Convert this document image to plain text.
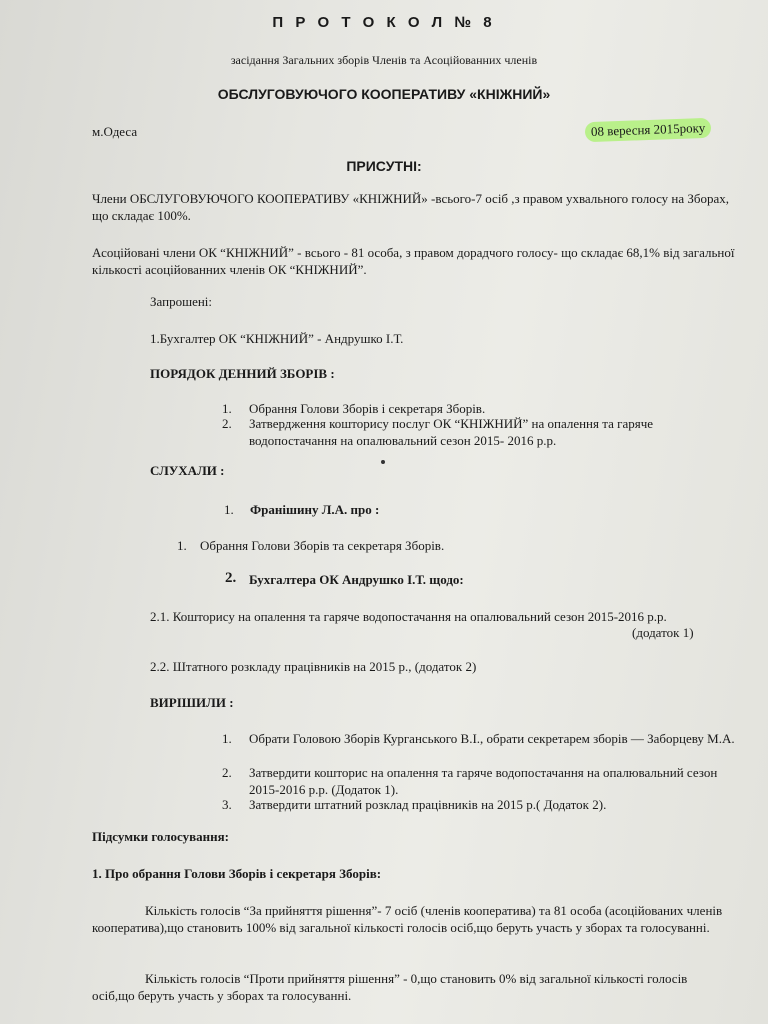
П Р О Т О К О Л № 8
засідання Загальних зборів Членів та Асоційованних членів
ОБСЛУГОВУЮЧОГО КООПЕРАТИВУ «КНІЖНИЙ»
м.Одеса	08 вересня 2015року
ПРИСУТНІ:
Члени ОБСЛУГОВУЮЧОГО КООПЕРАТИВУ «КНІЖНИЙ» -всього-7 осіб ,з правом ухвального голосу на Зборах, що складає 100%.
Асоційовані члени ОК “КНІЖНИЙ” - всього - 81 особа, з правом дорадчого голосу- що складає 68,1% від загальної кількості асоційованних членів ОК “КНІЖНИЙ”.
Запрошені:
1.Бухгалтер ОК “КНІЖНИЙ” - Андрушко І.Т.
ПОРЯДОК ДЕННИЙ ЗБОРІВ :
1. Обрання Голови Зборів і секретаря Зборів.
2. Затвердження кошторису послуг ОК “КНІЖНИЙ” на опалення та гаряче водопостачання на опалювальний сезон 2015- 2016 р.р.
СЛУХАЛИ :
1. Франішину Л.А. про :
1. Обрання Голови Зборів та секретаря Зборів.
2. Бухгалтера ОК Андрушко І.Т. щодо:
2.1. Кошторису на опалення та гаряче водопостачання на опалювальний сезон 2015-2016 р.р.
(додаток 1)
2.2. Штатного розкладу працівників на 2015 р., (додаток 2)
ВИРІШИЛИ :
1. Обрати Головою Зборів Курганського В.І., обрати секретарем зборів — Заборцеву М.А.
2. Затвердити кошторис на опалення та гаряче водопостачання на опалювальний сезон 2015-2016 р.р. (Додаток 1).
3. Затвердити штатний розклад працівників на 2015 р.( Додаток 2).
Підсумки голосування:
1. Про обрання Голови Зборів і секретаря Зборів:
Кількість голосів “За прийняття рішення”- 7 осіб (членів кооператива) та 81 особа (асоційованих членів кооператива),що становить 100% від загальної кількості голосів осіб,що беруть участь у зборах та голосуванні.
Кількість голосів “Проти прийняття рішення” - 0,що становить 0% від загальної кількості голосів осіб,що беруть участь у зборах та голосуванні.
